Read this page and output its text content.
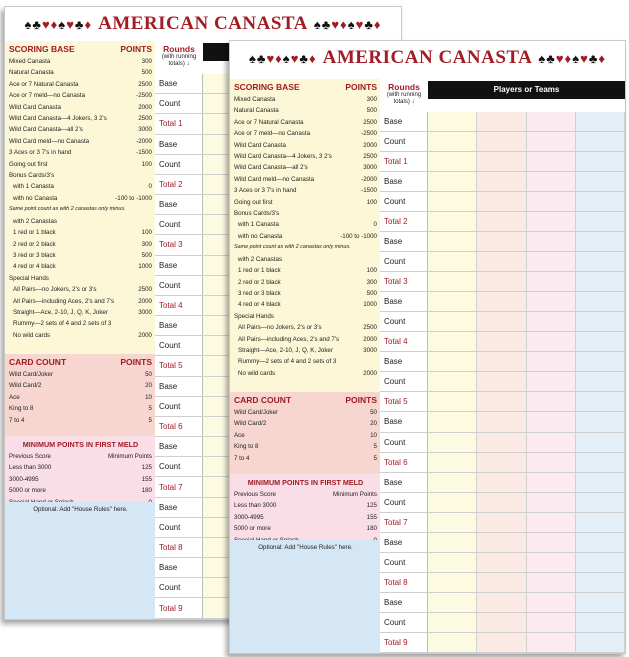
♠♣♥♦♠♥♣♦ AMERICAN CANASTA ♠♣♥♦♠♥♣♦
SCORING BASE	POINTS
Mixed Canasta	300
Natural Canasta	500
Ace or 7 Natural Canasta	2500
Ace or 7 meld—no Canasta	-2500
Wild Card Canasta	2000
Wild Card Canasta—4 Jokers, 3 2's	2500
Wild Card Canasta—all 2's	3000
Wild Card meld—no Canasta	-2000
3 Aces or 3 7's in hand	-1500
Going out first	100
Bonus Cards/3's
with 1 Canasta	0
with no Canasta	-100 to -1000
Same point count as with 2 canastas only minus.
with 2 Canastas
1 red or 1 black	100
2 red or 2 black	300
3 red or 3 black	500
4 red or 4 black	1000
Special Hands
All Pairs—no Jokers, 2's or 3's	2500
All Pairs—including Aces, 2's and 7's	2000
Straight—Ace, 2-10, J, Q, K, Joker	3000
Rummy—2 sets of 4 and 2 sets of 3
No wild cards	2000
CARD COUNT	POINTS
Wild Card/Joker	50
Wild Card/2	20
Ace	10
King to 8	5
7 to 4	5
MINIMUM POINTS IN FIRST MELD
Previous Score	Minimum Points
Less than 3000	125
3000-4995	155
5000 or more	180
Optional: Add "House Rules" here.
Rounds
(with running totals) ↓
Base
Count
Total 1
Base
Count
Total 2
Base
Count
Total 3
Base
Count
Total 4
Base
Count
Total 5
Base
Count
Total 6
Base
Count
Total 7
Base
Count
Total 8
Base
Count
Total 9
♠♣♥♦♠♥♣♦ AMERICAN CANASTA ♠♣♥♦♠♥♣♦
SCORING BASE	POINTS
Mixed Canasta	300
Natural Canasta	500
Ace or 7 Natural Canasta	2500
Ace or 7 meld—no Canasta	-2500
Wild Card Canasta	2000
Wild Card Canasta—4 Jokers, 3 2's	2500
Wild Card Canasta—all 2's	3000
Wild Card meld—no Canasta	-2000
3 Aces or 3 7's in hand	-1500
Going out first	100
Bonus Cards/3's
with 1 Canasta	0
with no Canasta	-100 to -1000
Same point count as with 2 canastas only minus.
with 2 Canastas
1 red or 1 black	100
2 red or 2 black	300
3 red or 3 black	500
4 red or 4 black	1000
Special Hands
All Pairs—no Jokers, 2's or 3's	2500
All Pairs—including Aces, 2's and 7's	2000
Straight—Ace, 2-10, J, Q, K, Joker	3000
Rummy—2 sets of 4 and 2 sets of 3
No wild cards	2000
CARD COUNT	POINTS
Wild Card/Joker	50
Wild Card/2	20
Ace	10
King to 8	5
7 to 4	5
MINIMUM POINTS IN FIRST MELD
Previous Score	Minimum Points
Less than 3000	125
3000-4995	155
5000 or more	180
Optional: Add "House Rules" here.
Rounds
(with running totals) ↓
Players or Teams
Base
Count
Total 1
Base
Count
Total 2
Base
Count
Total 3
Base
Count
Total 4
Base
Count
Total 5
Base
Count
Total 6
Base
Count
Total 7
Base
Count
Total 8
Base
Count
Total 9
